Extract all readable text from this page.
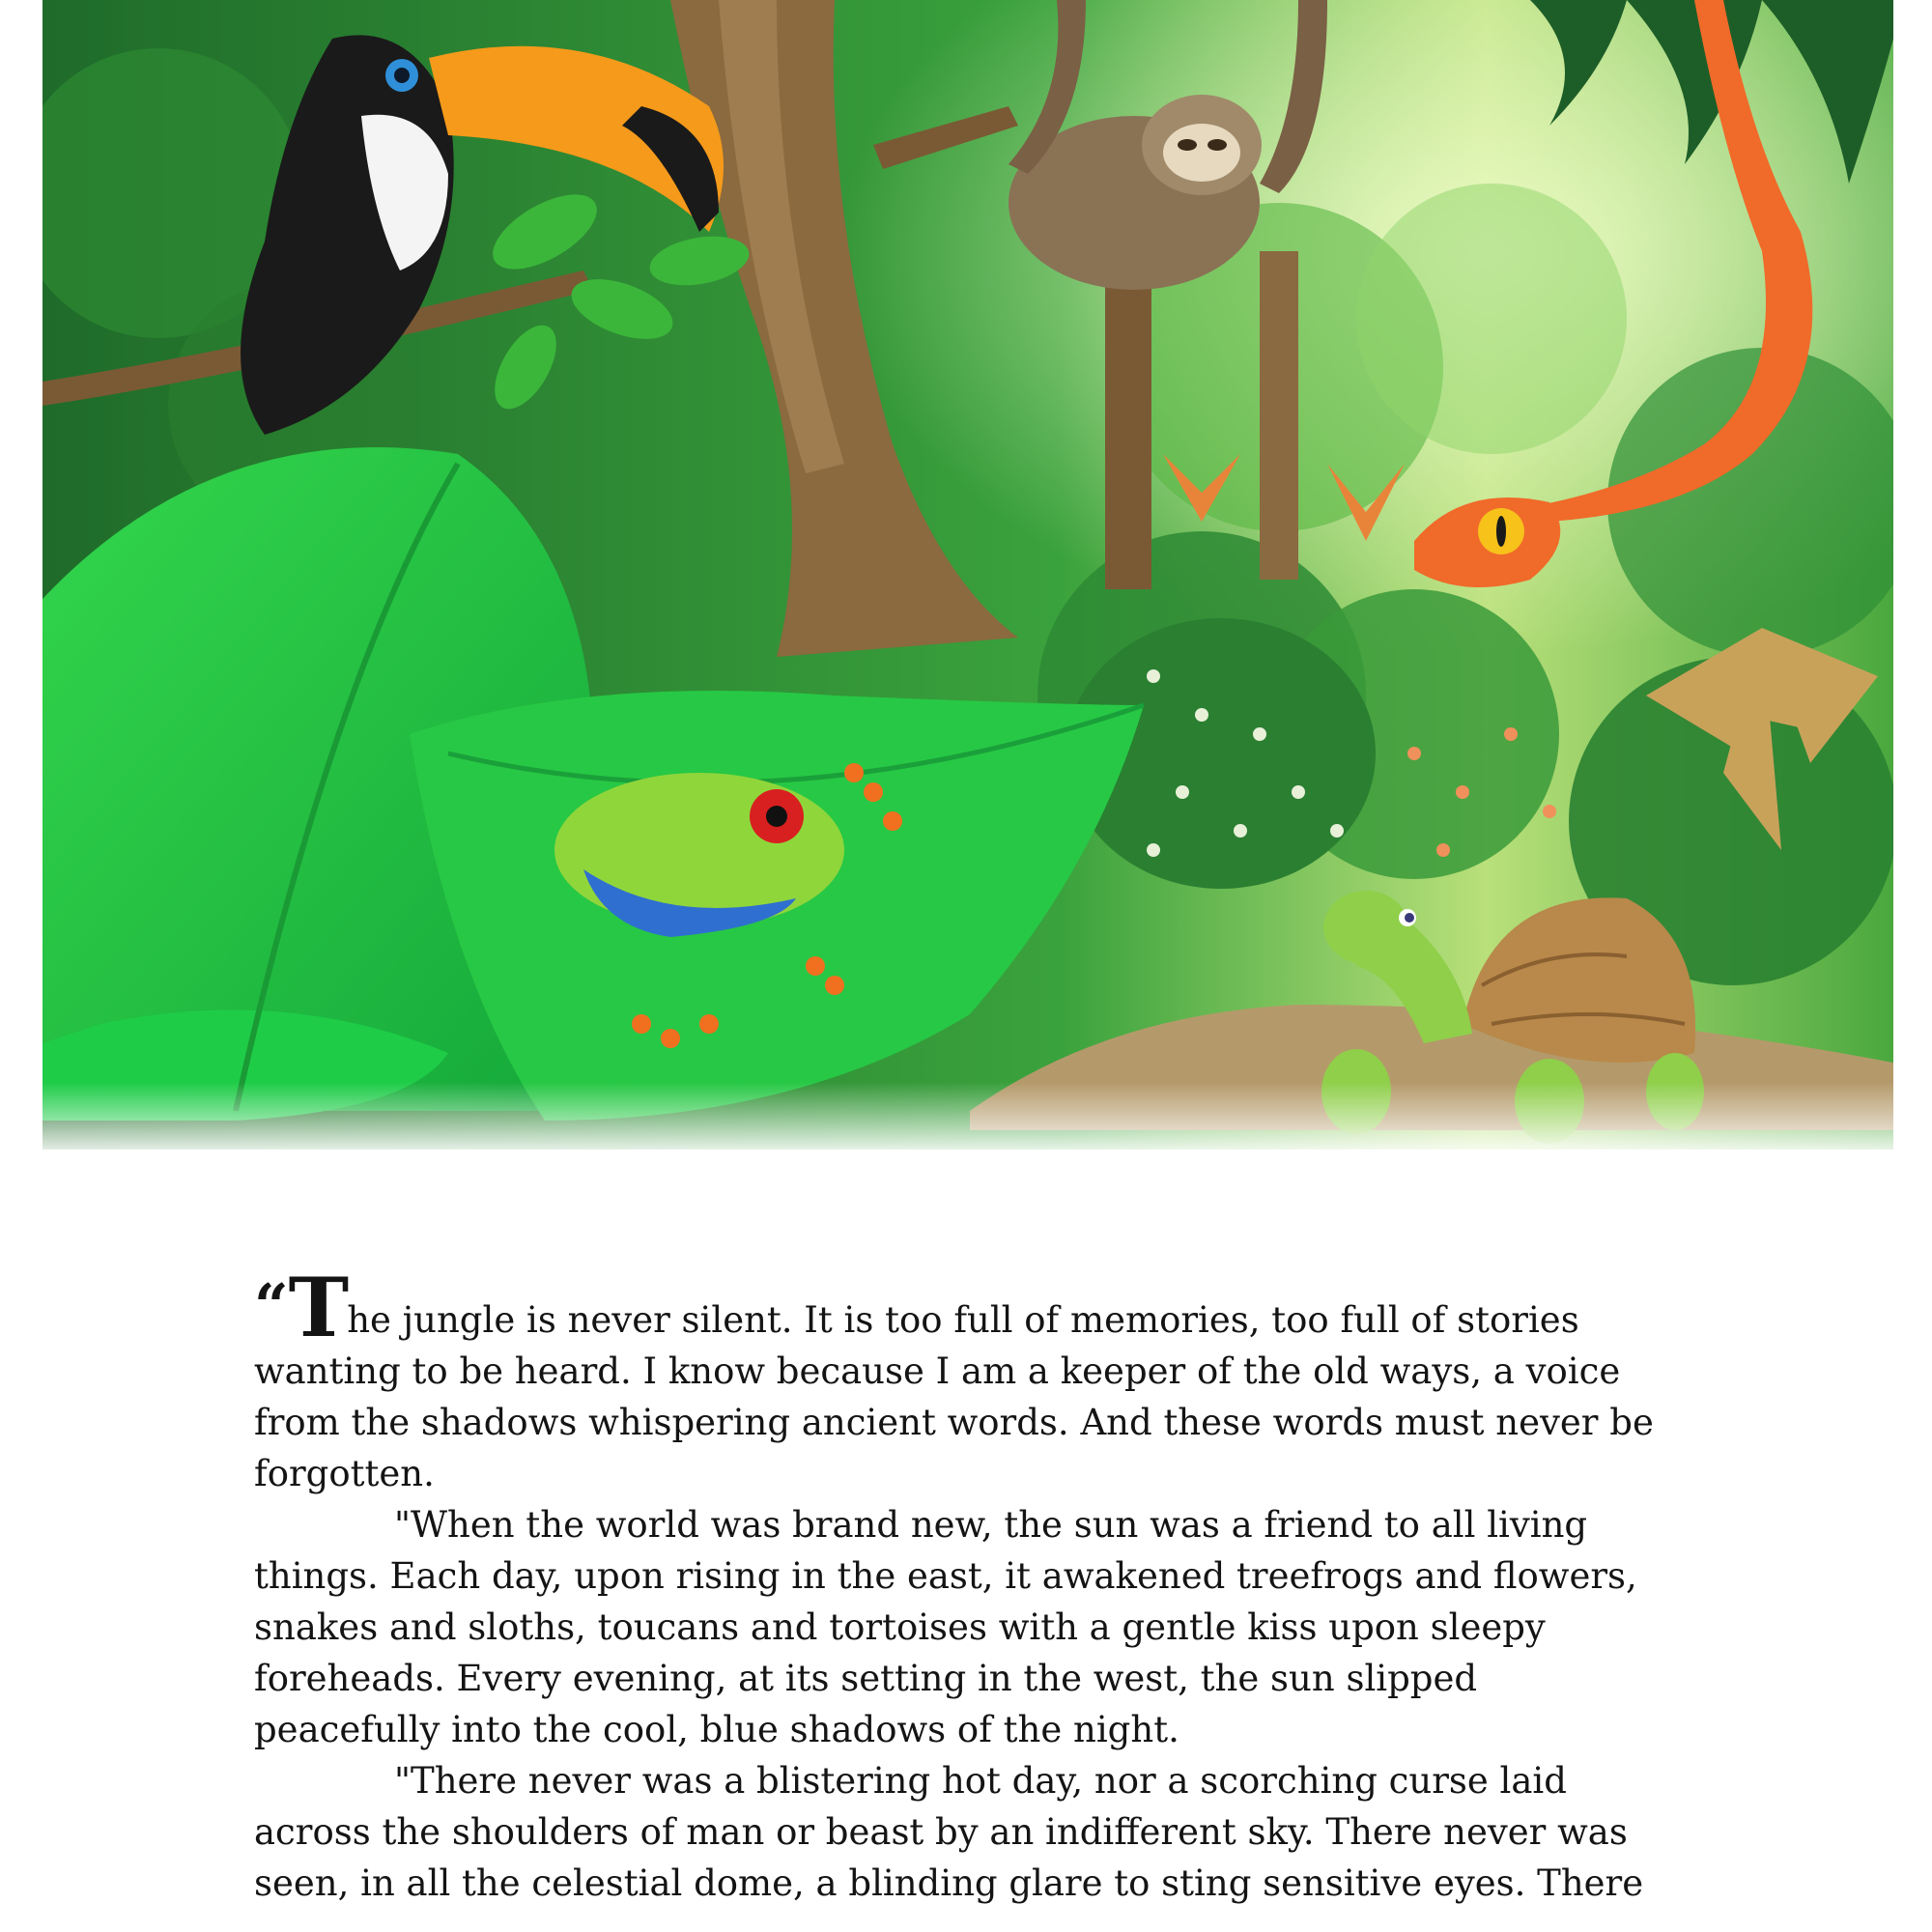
“The jungle is never silent. It is too full of memories, too full of stories wanting to be heard. I know because I am a keeper of the old ways, a voice from the shadows whispering ancient words. And these words must never be forgotten.

"When the world was brand new, the sun was a friend to all living things. Each day, upon rising in the east, it awakened treefrogs and flowers, snakes and sloths, toucans and tortoises with a gentle kiss upon sleepy foreheads. Every evening, at its setting in the west, the sun slipped peacefully into the cool, blue shadows of the night.

"There never was a blistering hot day, nor a scorching curse laid across the shoulders of man or beast by an indifferent sky. There never was seen, in all the celestial dome, a blinding glare to sting sensitive eyes. There
